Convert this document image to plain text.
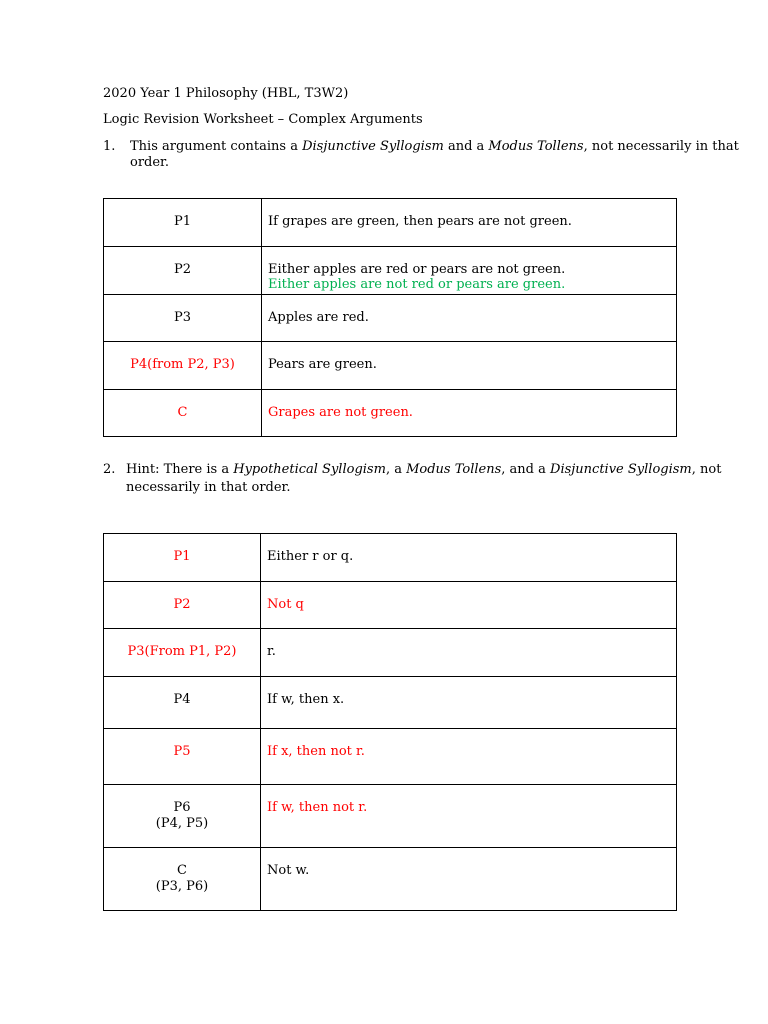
2020 Year 1 Philosophy (HBL, T3W2)
Logic Revision Worksheet – Complex Arguments
1. This argument contains a Disjunctive Syllogism and a Modus Tollens, not necessarily in that
order.
P1	If grapes are green, then pears are not green.

P2	Either apples are red or pears are not green.
Either apples are not red or pears are green.

P3	Apples are red.

P4(from P2, P3)	Pears are green.

C	Grapes are not green.
2. Hint: There is a Hypothetical Syllogism, a Modus Tollens, and a Disjunctive Syllogism, not
necessarily in that order.
P1	Either r or q.

P2	Not q

P3(From P1, P2)	r.

P4	If w, then x.

P5	If x, then not r.

P6
(P4, P5)	If w, then not r.

C
(P3, P6)	Not w.
